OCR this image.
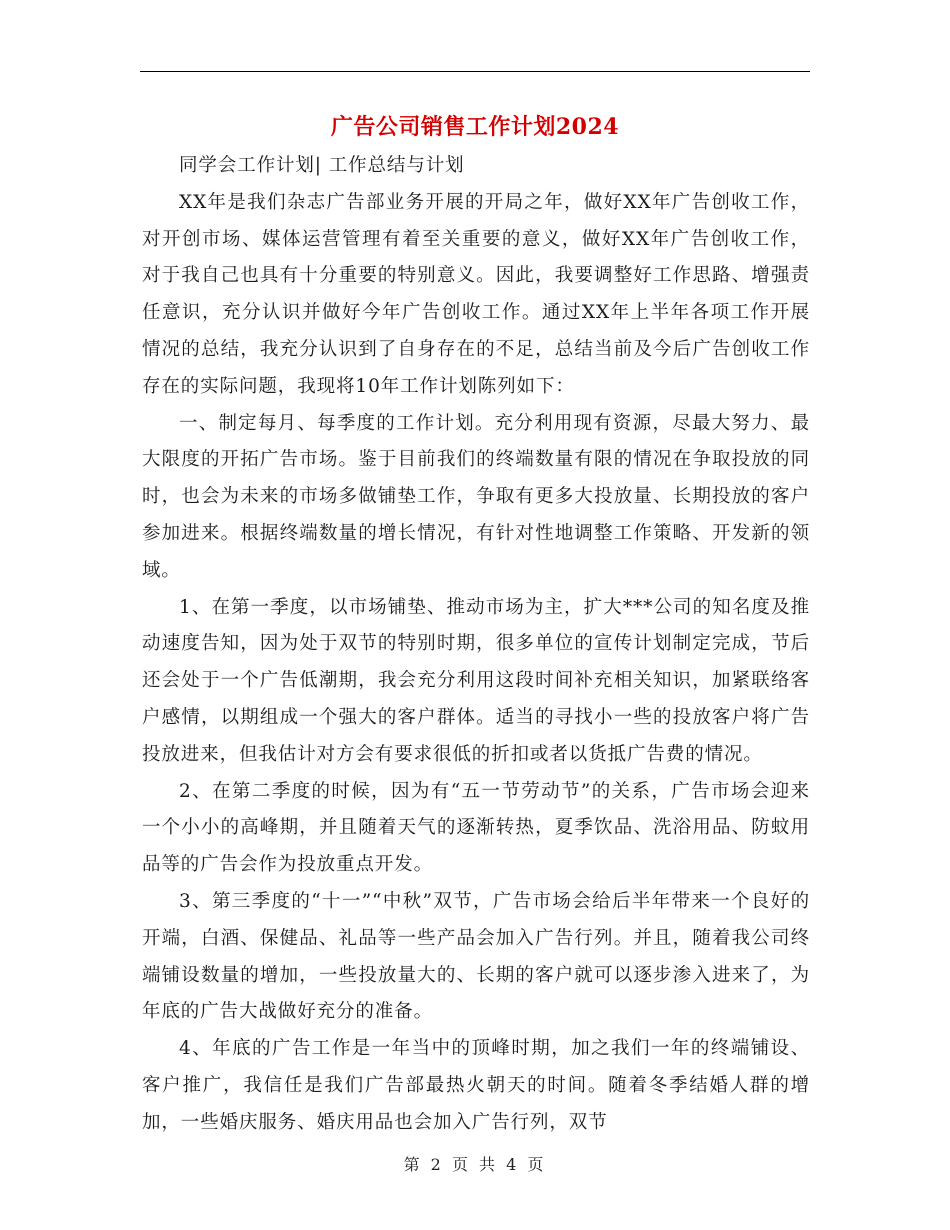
广告公司销售工作计划2024

同学会工作计划| 工作总结与计划

XX年是我们杂志广告部业务开展的开局之年，做好XX年广告创收工作，对开创市场、媒体运营管理有着至关重要的意义，做好XX年广告创收工作，对于我自己也具有十分重要的特别意义。因此，我要调整好工作思路、增强责任意识，充分认识并做好今年广告创收工作。通过XX年上半年各项工作开展情况的总结，我充分认识到了自身存在的不足，总结当前及今后广告创收工作存在的实际问题，我现将10年工作计划陈列如下：

一、制定每月、每季度的工作计划。充分利用现有资源，尽最大努力、最大限度的开拓广告市场。鉴于目前我们的终端数量有限的情况在争取投放的同时，也会为未来的市场多做铺垫工作，争取有更多大投放量、长期投放的客户参加进来。根据终端数量的增长情况，有针对性地调整工作策略、开发新的领域。

1、在第一季度，以市场铺垫、推动市场为主，扩大***公司的知名度及推动速度告知，因为处于双节的特别时期，很多单位的宣传计划制定完成，节后还会处于一个广告低潮期，我会充分利用这段时间补充相关知识，加紧联络客户感情，以期组成一个强大的客户群体。适当的寻找小一些的投放客户将广告投放进来，但我估计对方会有要求很低的折扣或者以货抵广告费的情况。

2、在第二季度的时候，因为有“五一节劳动节”的关系，广告市场会迎来一个小小的高峰期，并且随着天气的逐渐转热，夏季饮品、洗浴用品、防蚊用品等的广告会作为投放重点开发。

3、第三季度的“十一”“中秋”双节，广告市场会给后半年带来一个良好的开端，白酒、保健品、礼品等一些产品会加入广告行列。并且，随着我公司终端铺设数量的增加，一些投放量大的、长期的客户就可以逐步渗入进来了，为年底的广告大战做好充分的准备。

4、年底的广告工作是一年当中的顶峰时期，加之我们一年的终端铺设、客户推广，我信任是我们广告部最热火朝天的时间。随着冬季结婚人群的增加，一些婚庆服务、婚庆用品也会加入广告行列，双节

第 2 页 共 4 页
